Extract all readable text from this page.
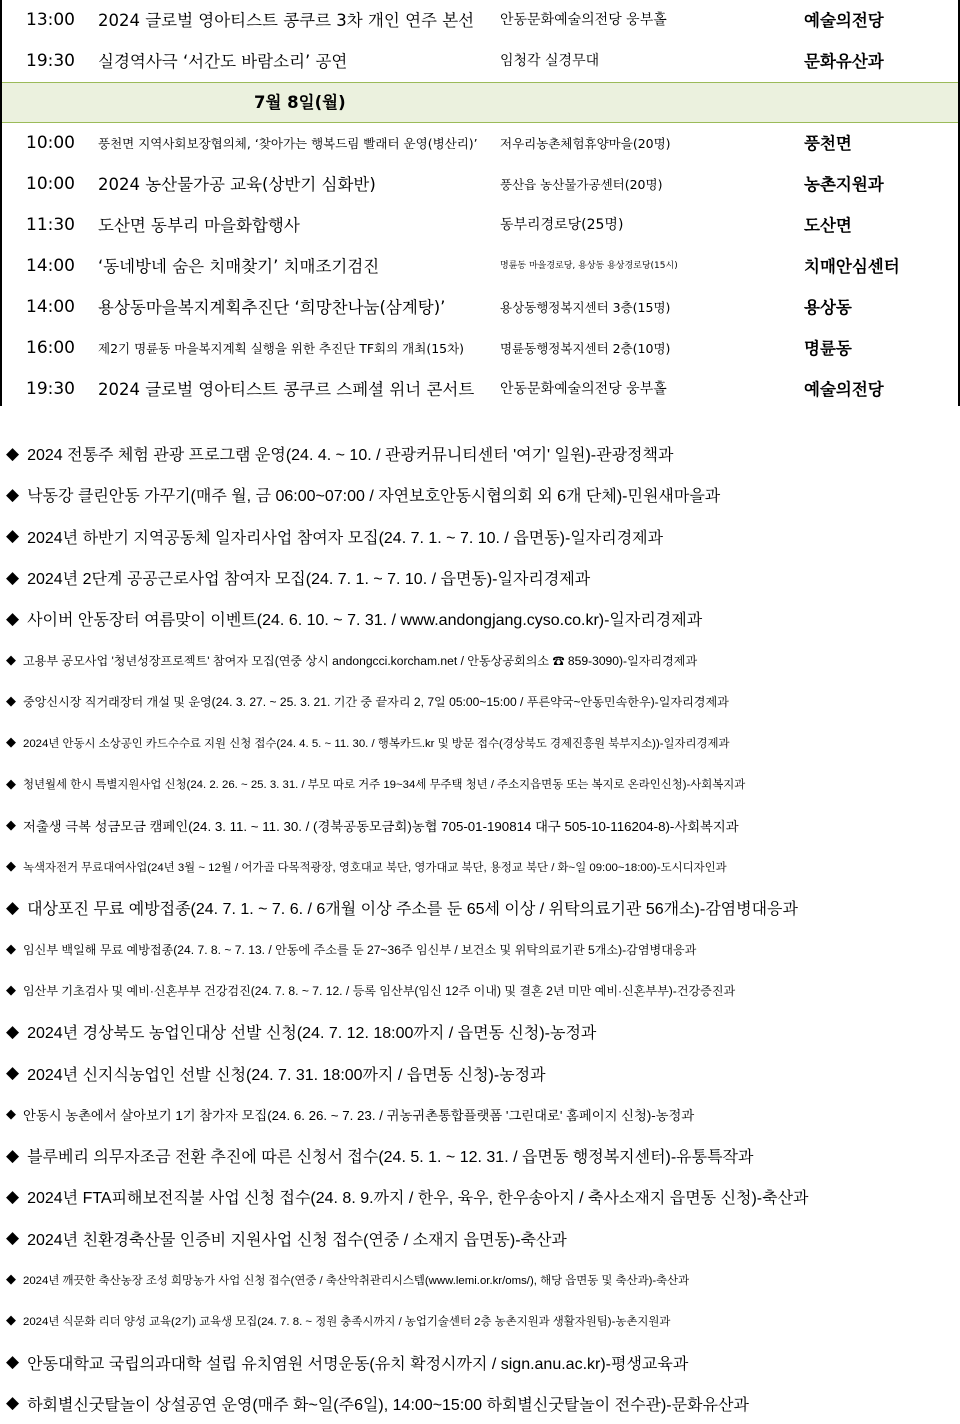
13:00	2024 글로벌 영아티스트 콩쿠르 3차 개인 연주 본선	안동문화예술의전당 웅부홀	예술의전당
19:30	실경역사극 ‘서간도 바람소리’ 공연	임청각 실경무대	문화유산과
7월 8일(월)
10:00	풍천면 지역사회보장협의체, ‘찾아가는 행복드림 빨래터 운영(병산리)’	저우리농촌체험휴양마을(20명)	풍천면
10:00	2024 농산물가공 교육(상반기 심화반)	풍산읍 농산물가공센터(20명)	농촌지원과
11:30	도산면 동부리 마을화합행사	동부리경로당(25명)	도산면
14:00	‘동네방네 숨은 치매찾기’ 치매조기검진	명륜동 마을경로당, 용상동 용상경로당(15시)	치매안심센터
14:00	용상동마을복지계획추진단 ‘희망찬나눔(삼계탕)’	용상동행정복지센터 3층(15명)	용상동
16:00	제2기 명륜동 마을복지계획 실행을 위한 추진단 TF회의 개최(15차)	명륜동행정복지센터 2층(10명)	명륜동
19:30	2024 글로벌 영아티스트 콩쿠르 스페셜 위너 콘서트	안동문화예술의전당 웅부홀	예술의전당
◆ 2024 전통주 체험 관광 프로그램 운영(24. 4. ~ 10. / 관광커뮤니티센터 '여기' 일원)-관광정책과
◆ 낙동강 클린안동 가꾸기(매주 월, 금 06:00~07:00 / 자연보호안동시협의회 외 6개 단체)-민원새마을과
◆ 2024년 하반기 지역공동체 일자리사업 참여자 모집(24. 7. 1. ~ 7. 10. / 읍면동)-일자리경제과
◆ 2024년 2단계 공공근로사업 참여자 모집(24. 7. 1. ~ 7. 10. / 읍면동)-일자리경제과
◆ 사이버 안동장터 여름맞이 이벤트(24. 6. 10. ~ 7. 31. / www.andongjang.cyso.co.kr)-일자리경제과
◆ 고용부 공모사업 '청년성장프로젝트' 참여자 모집(연중 상시 andongcci.korcham.net / 안동상공회의소 ☎ 859-3090)-일자리경제과
◆ 중앙신시장 직거래장터 개설 및 운영(24. 3. 27. ~ 25. 3. 21. 기간 중 끝자리 2, 7일 05:00~15:00 / 푸른약국~안동민속한우)-일자리경제과
◆ 2024년 안동시 소상공인 카드수수료 지원 신청 접수(24. 4. 5. ~ 11. 30. / 행복카드.kr 및 방문 접수(경상북도 경제진흥원 북부지소))-일자리경제과
◆ 청년월세 한시 특별지원사업 신청(24. 2. 26. ~ 25. 3. 31. / 부모 따로 거주 19~34세 무주택 청년 / 주소지읍면동 또는 복지로 온라인신청)-사회복지과
◆ 저출생 극복 성금모금 캠페인(24. 3. 11. ~ 11. 30. / (경북공동모금회)농협 705-01-190814 대구 505-10-116204-8)-사회복지과
◆ 녹색자전거 무료대여사업(24년 3월 ~ 12월 / 어가골 다목적광장, 영호대교 북단, 영가대교 북단, 용정교 북단 / 화~일 09:00~18:00)-도시디자인과
◆ 대상포진 무료 예방접종(24. 7. 1. ~ 7. 6. / 6개월 이상 주소를 둔 65세 이상 / 위탁의료기관 56개소)-감염병대응과
◆ 임신부 백일해 무료 예방접종(24. 7. 8. ~ 7. 13. / 안동에 주소를 둔 27~36주 임신부 / 보건소 및 위탁의료기관 5개소)-감염병대응과
◆ 임산부 기초검사 및 예비·신혼부부 건강검진(24. 7. 8. ~ 7. 12. / 등록 임산부(임신 12주 이내) 및 결혼 2년 미만 예비·신혼부부)-건강증진과
◆ 2024년 경상북도 농업인대상 선발 신청(24. 7. 12. 18:00까지 / 읍면동 신청)-농정과
◆ 2024년 신지식농업인 선발 신청(24. 7. 31. 18:00까지 / 읍면동 신청)-농정과
◆ 안동시 농촌에서 살아보기 1기 참가자 모집(24. 6. 26. ~ 7. 23. / 귀농귀촌통합플랫폼 '그린대로' 홈페이지 신청)-농정과
◆ 블루베리 의무자조금 전환 추진에 따른 신청서 접수(24. 5. 1. ~ 12. 31. / 읍면동 행정복지센터)-유통특작과
◆ 2024년 FTA피해보전직불 사업 신청 접수(24. 8. 9.까지 / 한우, 육우, 한우송아지 / 축사소재지 읍면동 신청)-축산과
◆ 2024년 친환경축산물 인증비 지원사업 신청 접수(연중 / 소재지 읍면동)-축산과
◆ 2024년 깨끗한 축산농장 조성 희망농가 사업 신청 접수(연중 / 축산악취관리시스템(www.lemi.or.kr/oms/), 해당 읍면동 및 축산과)-축산과
◆ 2024년 식문화 리더 양성 교육(2기) 교육생 모집(24. 7. 8. ~ 정원 충족시까지 / 농업기술센터 2층 농촌지원과 생활자원팀)-농촌지원과
◆ 안동대학교 국립의과대학 설립 유치염원 서명운동(유치 확정시까지 / sign.anu.ac.kr)-평생교육과
◆ 하회별신굿탈놀이 상설공연 운영(매주 화~일(주6일), 14:00~15:00 하회별신굿탈놀이 전수관)-문화유산과
